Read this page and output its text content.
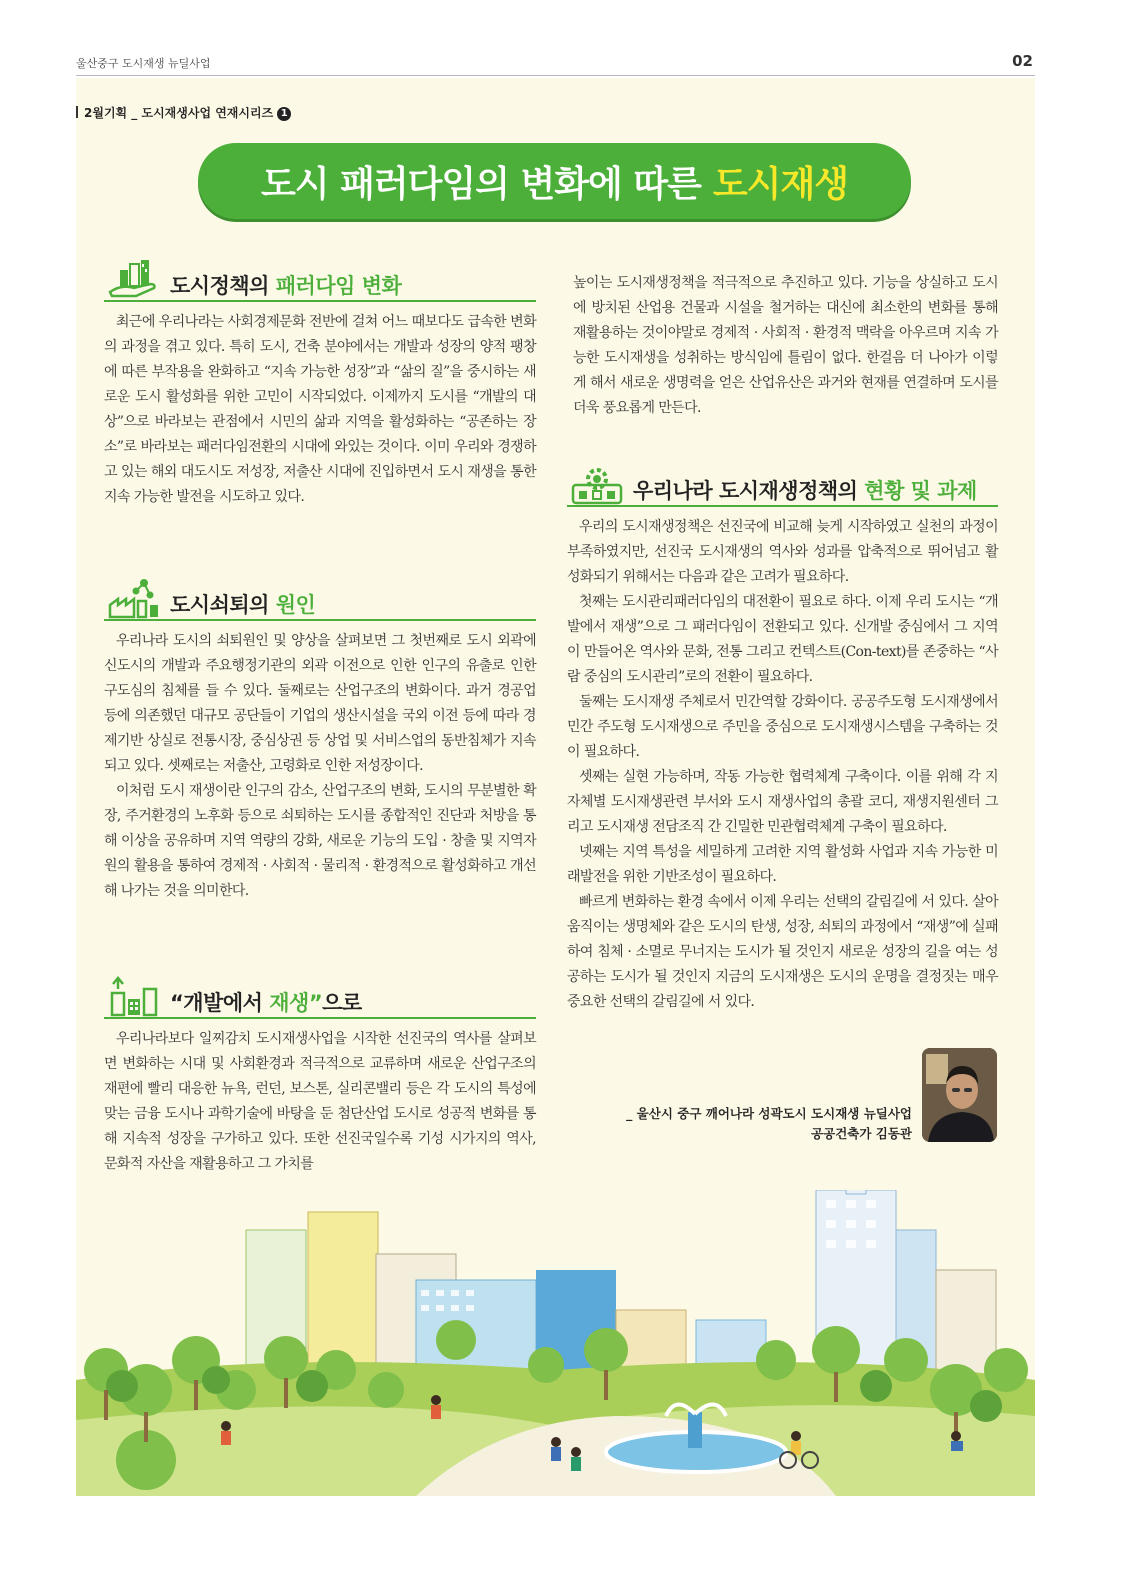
울산중구 도시재생 뉴딜사업	02
2월기획 _ 도시재생사업 연재시리즈 1
도시 패러다임의 변화에 따른 도시재생
도시정책의 패러다임 변화

최근에 우리나라는 사회경제문화 전반에 걸쳐 어느 때보다도 급속한 변화의 과정을 겪고 있다. 특히 도시, 건축 분야에서는 개발과 성장의 양적 팽창에 따른 부작용을 완화하고 “지속 가능한 성장”과 “삶의 질”을 중시하는 새로운 도시 활성화를 위한 고민이 시작되었다. 이제까지 도시를 “개발의 대상”으로 바라보는 관점에서 시민의 삶과 지역을 활성화하는 “공존하는 장소”로 바라보는 패러다임전환의 시대에 와있는 것이다. 이미 우리와 경쟁하고 있는 해외 대도시도 저성장, 저출산 시대에 진입하면서 도시 재생을 통한 지속 가능한 발전을 시도하고 있다.

도시쇠퇴의 원인

우리나라 도시의 쇠퇴원인 및 양상을 살펴보면 그 첫번째로 도시 외곽에 신도시의 개발과 주요행정기관의 외곽 이전으로 인한 인구의 유출로 인한 구도심의 침체를 들 수 있다. 둘째로는 산업구조의 변화이다. 과거 경공업 등에 의존했던 대규모 공단들이 기업의 생산시설을 국외 이전 등에 따라 경제기반 상실로 전통시장, 중심상권 등 상업 및 서비스업의 동반침체가 지속 되고 있다. 셋째로는 저출산, 고령화로 인한 저성장이다.

이처럼 도시 재생이란 인구의 감소, 산업구조의 변화, 도시의 무분별한 확장, 주거환경의 노후화 등으로 쇠퇴하는 도시를 종합적인 진단과 처방을 통해 이상을 공유하며 지역 역량의 강화, 새로운 기능의 도입 · 창출 및 지역자원의 활용을 통하여 경제적 · 사회적 · 물리적 · 환경적으로 활성화하고 개선해 나가는 것을 의미한다.

“개발에서 재생”으로

우리나라보다 일찌감치 도시재생사업을 시작한 선진국의 역사를 살펴보면 변화하는 시대 및 사회환경과 적극적으로 교류하며 새로운 산업구조의 재편에 빨리 대응한 뉴욕, 런던, 보스톤, 실리콘밸리 등은 각 도시의 특성에 맞는 금융 도시나 과학기술에 바탕을 둔 첨단산업 도시로 성공적 변화를 통해 지속적 성장을 구가하고 있다. 또한 선진국일수록 기성 시가지의 역사, 문화적 자산을 재활용하고 그 가치를

높이는 도시재생정책을 적극적으로 추진하고 있다. 기능을 상실하고 도시에 방치된 산업용 건물과 시설을 철거하는 대신에 최소한의 변화를 통해 재활용하는 것이야말로 경제적 · 사회적 · 환경적 맥락을 아우르며 지속 가능한 도시재생을 성취하는 방식임에 틀림이 없다. 한걸음 더 나아가 이렇게 해서 새로운 생명력을 얻은 산업유산은 과거와 현재를 연결하며 도시를 더욱 풍요롭게 만든다.

우리나라 도시재생정책의 현황 및 과제

우리의 도시재생정책은 선진국에 비교해 늦게 시작하였고 실천의 과정이 부족하였지만, 선진국 도시재생의 역사와 성과를 압축적으로 뛰어넘고 활성화되기 위해서는 다음과 같은 고려가 필요하다.

첫째는 도시관리패러다임의 대전환이 필요로 하다. 이제 우리 도시는 “개발에서 재생”으로 그 패러다임이 전환되고 있다. 신개발 중심에서 그 지역이 만들어온 역사와 문화, 전통 그리고 컨텍스트(Con-text)를 존중하는 “사람 중심의 도시관리”로의 전환이 필요하다.

둘째는 도시재생 주체로서 민간역할 강화이다. 공공주도형 도시재생에서 민간 주도형 도시재생으로 주민을 중심으로 도시재생시스템을 구축하는 것이 필요하다.

셋째는 실현 가능하며, 작동 가능한 협력체계 구축이다. 이를 위해 각 지자체별 도시재생관련 부서와 도시 재생사업의 총괄 코디, 재생지원센터 그리고 도시재생 전담조직 간 긴밀한 민관협력체계 구축이 필요하다.

넷째는 지역 특성을 세밀하게 고려한 지역 활성화 사업과 지속 가능한 미래발전을 위한 기반조성이 필요하다.

빠르게 변화하는 환경 속에서 이제 우리는 선택의 갈림길에 서 있다. 살아 움직이는 생명체와 같은 도시의 탄생, 성장, 쇠퇴의 과정에서 “재생”에 실패하여 침체 · 소멸로 무너지는 도시가 될 것인지 새로운 성장의 길을 여는 성공하는 도시가 될 것인지 지금의 도시재생은 도시의 운명을 결정짓는 매우 중요한 선택의 갈림길에 서 있다.

_ 울산시 중구 깨어나라 성곽도시 도시재생 뉴딜사업
공공건축가 김동관
